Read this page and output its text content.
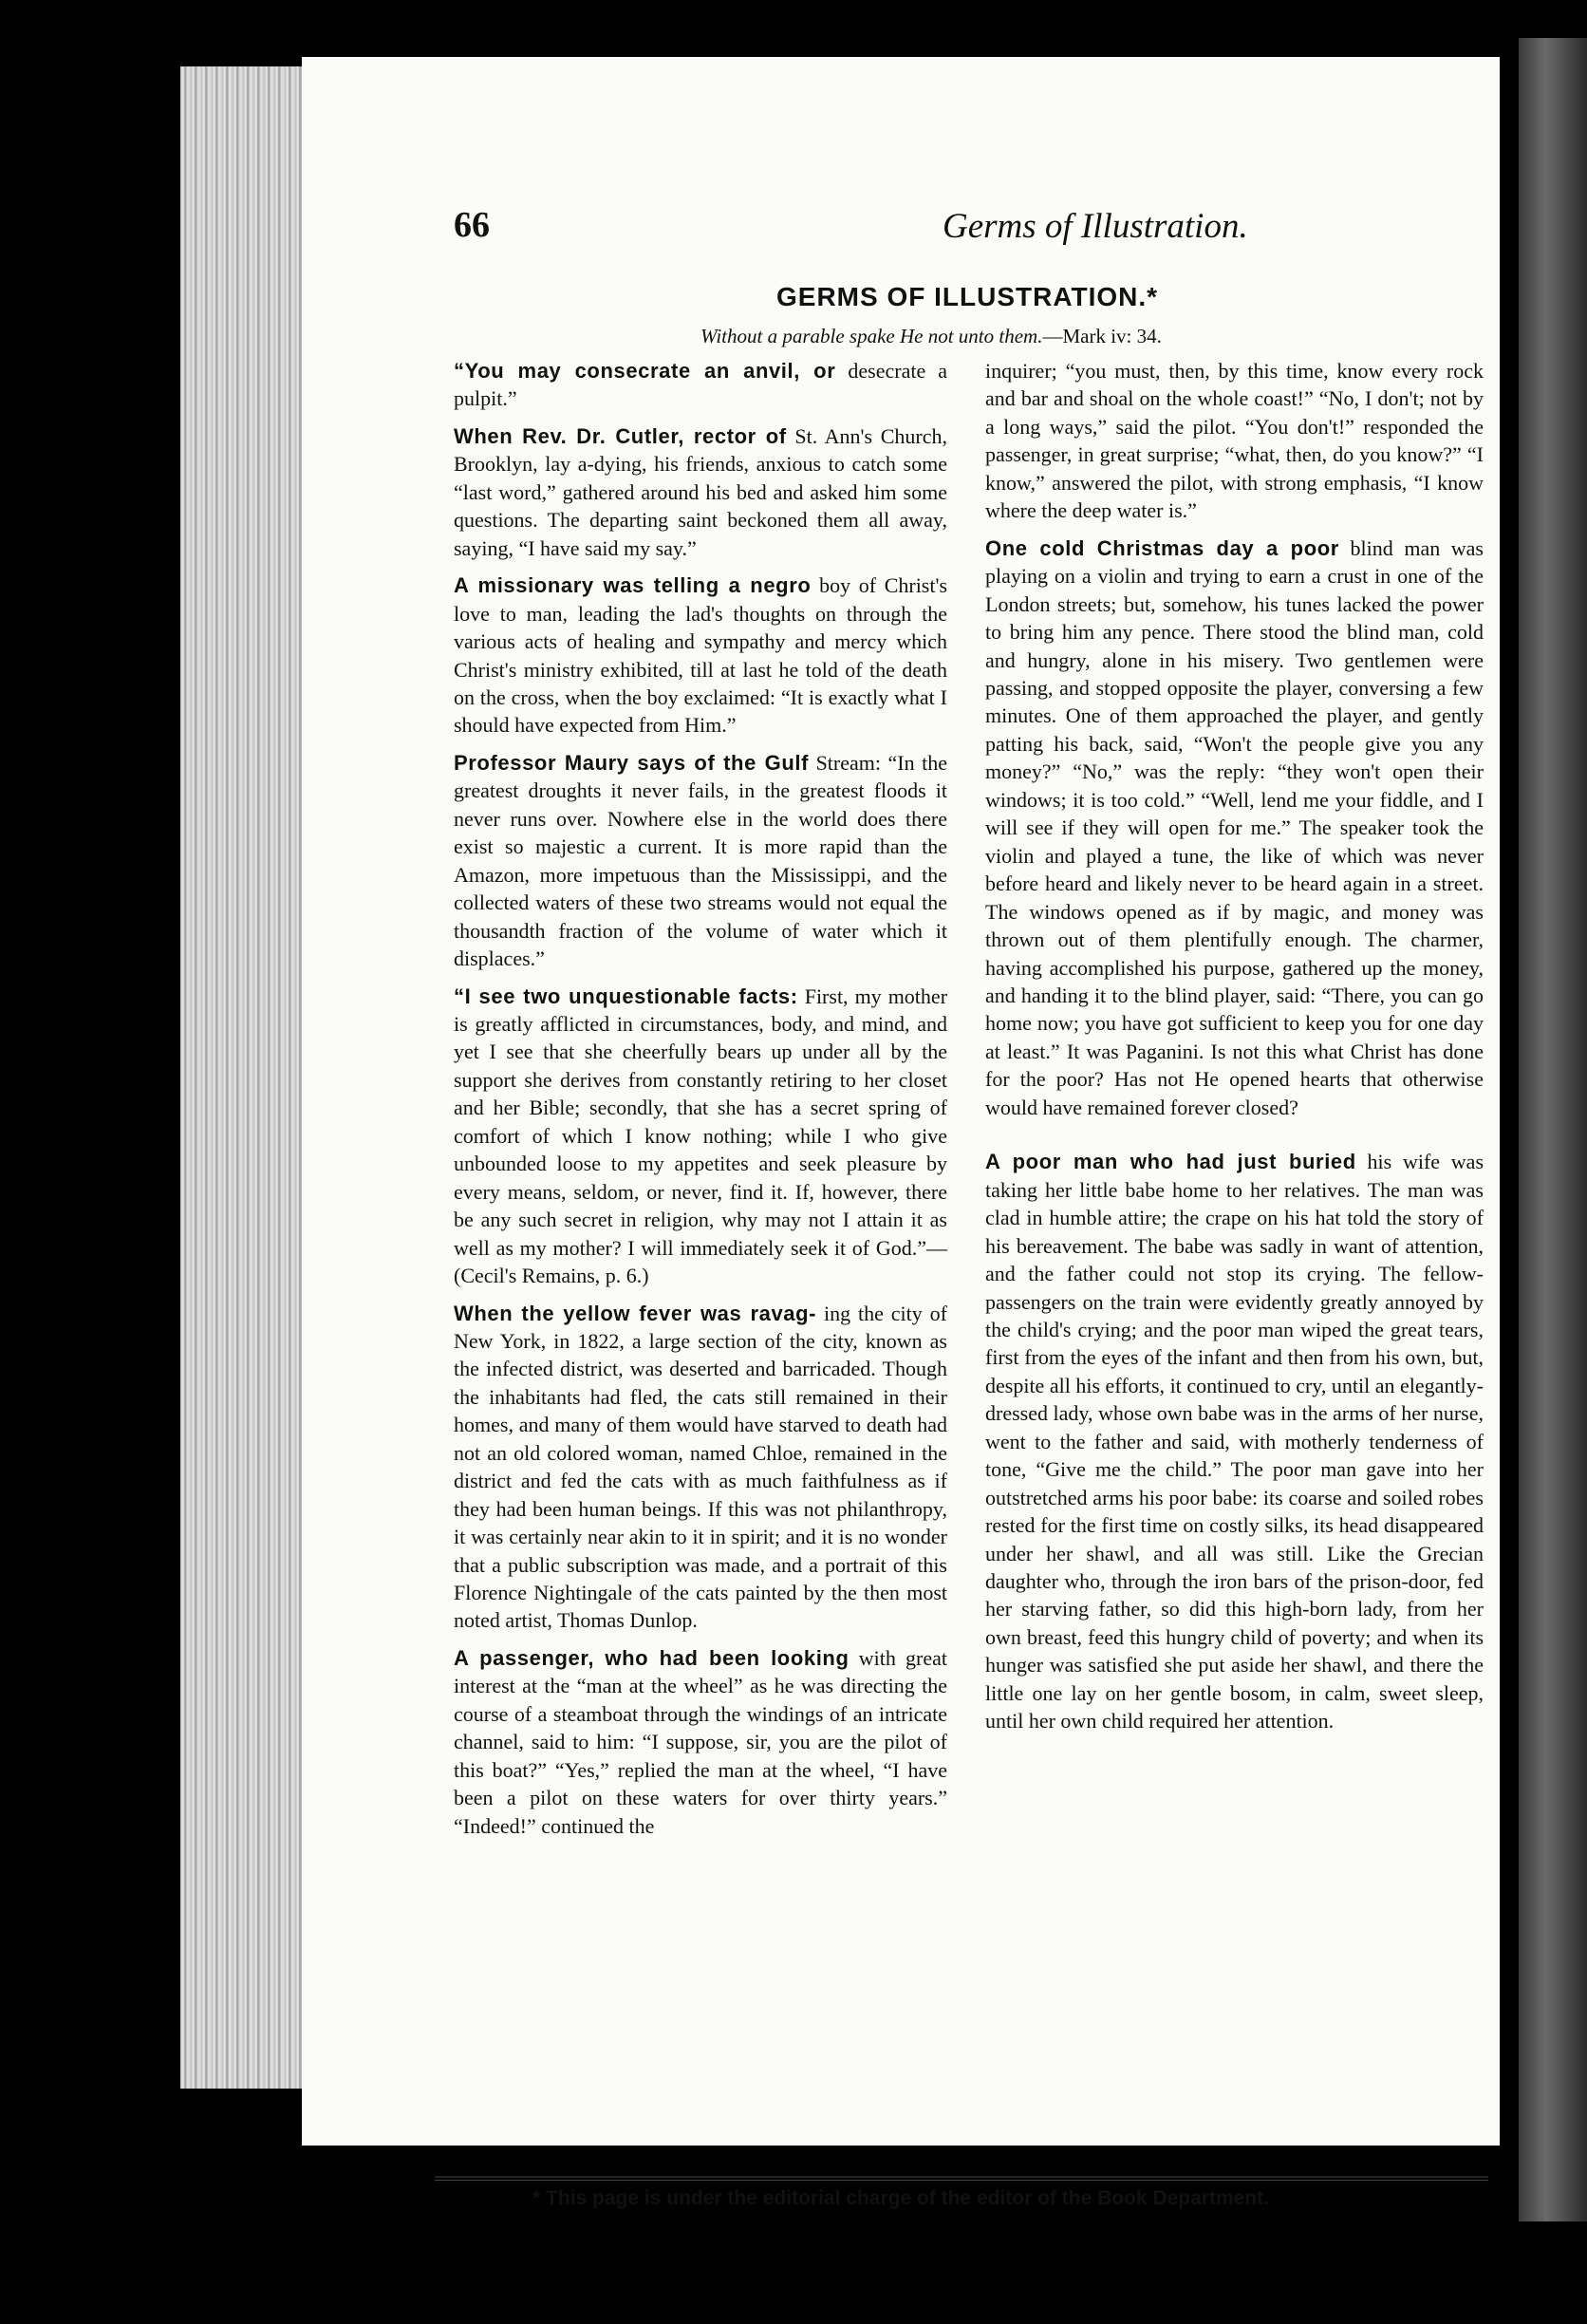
66	Germs of Illustration.
GERMS OF ILLUSTRATION.*
Without a parable spake He not unto them.—Mark iv: 34.

“You may consecrate an anvil, or desecrate a pulpit.”

When Rev. Dr. Cutler, rector of St. Ann's Church, Brooklyn, lay a-dying, his friends, anxious to catch some “last word,” gathered around his bed and asked him some questions. The departing saint beckoned them all away, saying, “I have said my say.”

A missionary was telling a negro boy of Christ's love to man, leading the lad's thoughts on through the various acts of healing and sympathy and mercy which Christ's ministry exhibited, till at last he told of the death on the cross, when the boy exclaimed: “It is exactly what I should have expected from Him.”

Professor Maury says of the Gulf Stream: “In the greatest droughts it never fails, in the greatest floods it never runs over. Nowhere else in the world does there exist so majestic a current. It is more rapid than the Amazon, more impetuous than the Mississippi, and the collected waters of these two streams would not equal the thousandth fraction of the volume of water which it displaces.”

“I see two unquestionable facts: First, my mother is greatly afflicted in circumstances, body, and mind, and yet I see that she cheerfully bears up under all by the support she derives from constantly retiring to her closet and her Bible; secondly, that she has a secret spring of comfort of which I know nothing; while I who give unbounded loose to my appetites and seek pleasure by every means, seldom, or never, find it. If, however, there be any such secret in religion, why may not I attain it as well as my mother? I will immediately seek it of God.”—(Cecil's Remains, p. 6.)

When the yellow fever was ravag- ing the city of New York, in 1822, a large section of the city, known as the infected district, was deserted and barricaded. Though the inhabitants had fled, the cats still remained in their homes, and many of them would have starved to death had not an old colored woman, named Chloe, remained in the district and fed the cats with as much faithfulness as if they had been human beings. If this was not philanthropy, it was certainly near akin to it in spirit; and it is no wonder that a public subscription was made, and a portrait of this Florence Nightingale of the cats painted by the then most noted artist, Thomas Dunlop.

A passenger, who had been looking with great interest at the “man at the wheel” as he was directing the course of a steamboat through the windings of an intricate channel, said to him: “I suppose, sir, you are the pilot of this boat?” “Yes,” replied the man at the wheel, “I have been a pilot on these waters for over thirty years.” “Indeed!” continued the

inquirer; “you must, then, by this time, know every rock and bar and shoal on the whole coast!” “No, I don't; not by a long ways,” said the pilot. “You don't!” responded the passenger, in great surprise; “what, then, do you know?” “I know,” answered the pilot, with strong emphasis, “I know where the deep water is.”

One cold Christmas day a poor blind man was playing on a violin and trying to earn a crust in one of the London streets; but, somehow, his tunes lacked the power to bring him any pence. There stood the blind man, cold and hungry, alone in his misery. Two gentlemen were passing, and stopped opposite the player, conversing a few minutes. One of them approached the player, and gently patting his back, said, “Won't the people give you any money?” “No,” was the reply: “they won't open their windows; it is too cold.” “Well, lend me your fiddle, and I will see if they will open for me.” The speaker took the violin and played a tune, the like of which was never before heard and likely never to be heard again in a street. The windows opened as if by magic, and money was thrown out of them plentifully enough. The charmer, having accomplished his purpose, gathered up the money, and handing it to the blind player, said: “There, you can go home now; you have got sufficient to keep you for one day at least.” It was Paganini. Is not this what Christ has done for the poor? Has not He opened hearts that otherwise would have remained forever closed?

A poor man who had just buried his wife was taking her little babe home to her relatives. The man was clad in humble attire; the crape on his hat told the story of his bereavement. The babe was sadly in want of attention, and the father could not stop its crying. The fellow-passengers on the train were evidently greatly annoyed by the child's crying; and the poor man wiped the great tears, first from the eyes of the infant and then from his own, but, despite all his efforts, it continued to cry, until an elegantly-dressed lady, whose own babe was in the arms of her nurse, went to the father and said, with motherly tenderness of tone, “Give me the child.” The poor man gave into her outstretched arms his poor babe: its coarse and soiled robes rested for the first time on costly silks, its head disappeared under her shawl, and all was still. Like the Grecian daughter who, through the iron bars of the prison-door, fed her starving father, so did this high-born lady, from her own breast, feed this hungry child of poverty; and when its hunger was satisfied she put aside her shawl, and there the little one lay on her gentle bosom, in calm, sweet sleep, until her own child required her attention.

* This page is under the editorial charge of the editor of the Book Department.
